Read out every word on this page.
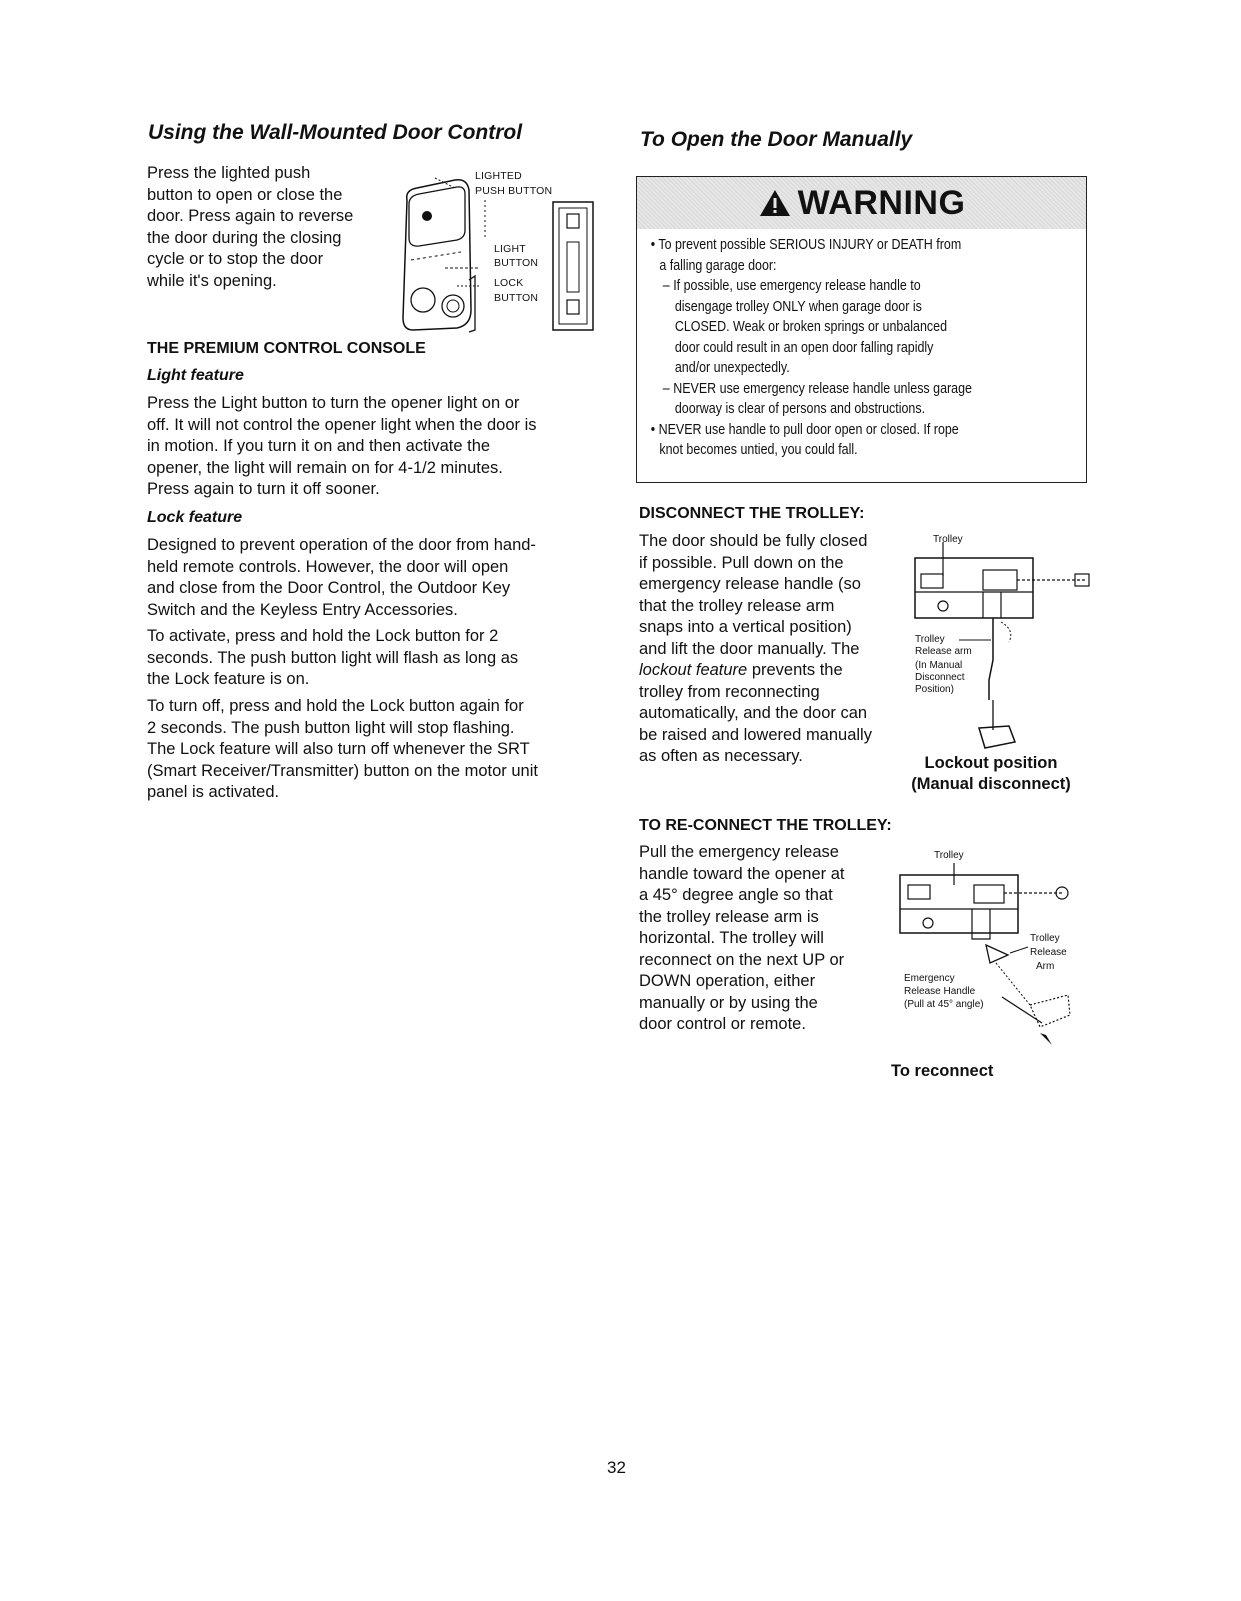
Using the Wall-Mounted Door Control
Press the lighted push
button to open or close the
door. Press again to reverse
the door during the closing
cycle or to stop the door
while it's opening.
LIGHTED
PUSH BUTTON
LIGHT
BUTTON
LOCK
BUTTON
THE PREMIUM CONTROL CONSOLE
Light feature
Press the Light button to turn the opener light on or
off. It will not control the opener light when the door is
in motion. If you turn it on and then activate the
opener, the light will remain on for 4-1/2 minutes.
Press again to turn it off sooner.
Lock feature
Designed to prevent operation of the door from hand-
held remote controls. However, the door will open
and close from the Door Control, the Outdoor Key
Switch and the Keyless Entry Accessories.
To activate, press and hold the Lock button for 2
seconds. The push button light will flash as long as
the Lock feature is on.
To turn off, press and hold the Lock button again for
2 seconds. The push button light will stop flashing.
The Lock feature will also turn off whenever the SRT
(Smart Receiver/Transmitter) button on the motor unit
panel is activated.
To Open the Door Manually
WARNING

• To prevent possible SERIOUS INJURY or DEATH from

a falling garage door:

– If possible, use emergency release handle to

disengage trolley ONLY when garage door is

CLOSED. Weak or broken springs or unbalanced

door could result in an open door falling rapidly

and/or unexpectedly.

– NEVER use emergency release handle unless garage

doorway is clear of persons and obstructions.

• NEVER use handle to pull door open or closed. If rope

knot becomes untied, you could fall.

DISCONNECT THE TROLLEY:
The door should be fully closed
if possible. Pull down on the
emergency release handle (so
that the trolley release arm
snaps into a vertical position)
and lift the door manually. The
lockout feature prevents the
trolley from reconnecting
automatically, and the door can
be raised and lowered manually
as often as necessary.
Trolley
Trolley
Release arm
(In Manual
Disconnect
Position)
Lockout position
(Manual disconnect)
TO RE-CONNECT THE TROLLEY:
Pull the emergency release
handle toward the opener at
a 45° degree angle so that
the trolley release arm is
horizontal. The trolley will
reconnect on the next UP or
DOWN operation, either
manually or by using the
door control or remote.
Trolley
Trolley
Release
Arm
Emergency
Release Handle
(Pull at 45° angle)
To reconnect
32
